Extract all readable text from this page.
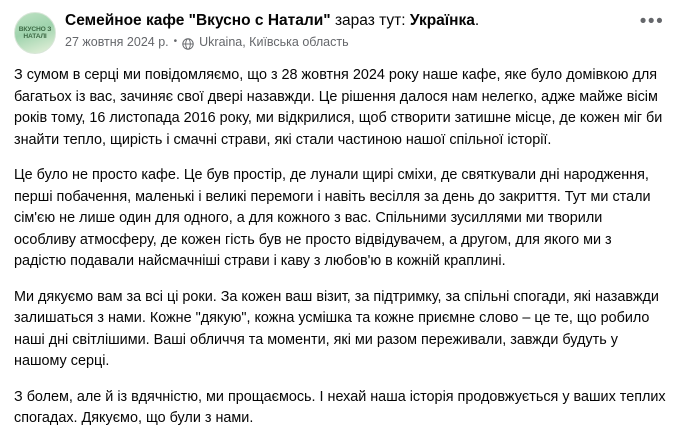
ВКУСНО З НАТАЛІ
Семейное кафе "Вкусно с Натали" зараз тут: Українка.
27 жовтня 2024 р. • Ukraina, Київська область
•••

З сумом в серці ми повідомляємо, що з 28 жовтня 2024 року наше кафе, яке було домівкою для багатьох із вас, зачиняє свої двері назавжди. Це рішення далося нам нелегко, адже майже вісім років тому, 16 листопада 2016 року, ми відкрилися, щоб створити затишне місце, де кожен міг би знайти тепло, щирість і смачні страви, які стали частиною нашої спільної історії.

Це було не просто кафе. Це був простір, де лунали щирі сміхи, де святкували дні народження, перші побачення, маленькі і великі перемоги і навіть весілля за день до закриття. Тут ми стали сім'єю не лише один для одного, а для кожного з вас. Спільними зусиллями ми творили особливу атмосферу, де кожен гість був не просто відвідувачем, а другом, для якого ми з радістю подавали найсмачніші страви і каву з любов'ю в кожній краплині.

Ми дякуємо вам за всі ці роки. За кожен ваш візит, за підтримку, за спільні спогади, які назавжди залишаться з нами. Кожне "дякую", кожна усмішка та кожне приємне слово – це те, що робило наші дні світлішими. Ваші обличчя та моменти, які ми разом переживали, завжди будуть у нашому серці.

З болем, але й із вдячністю, ми прощаємось. І нехай наша історія продовжується у ваших теплих спогадах. Дякуємо, що були з нами.
